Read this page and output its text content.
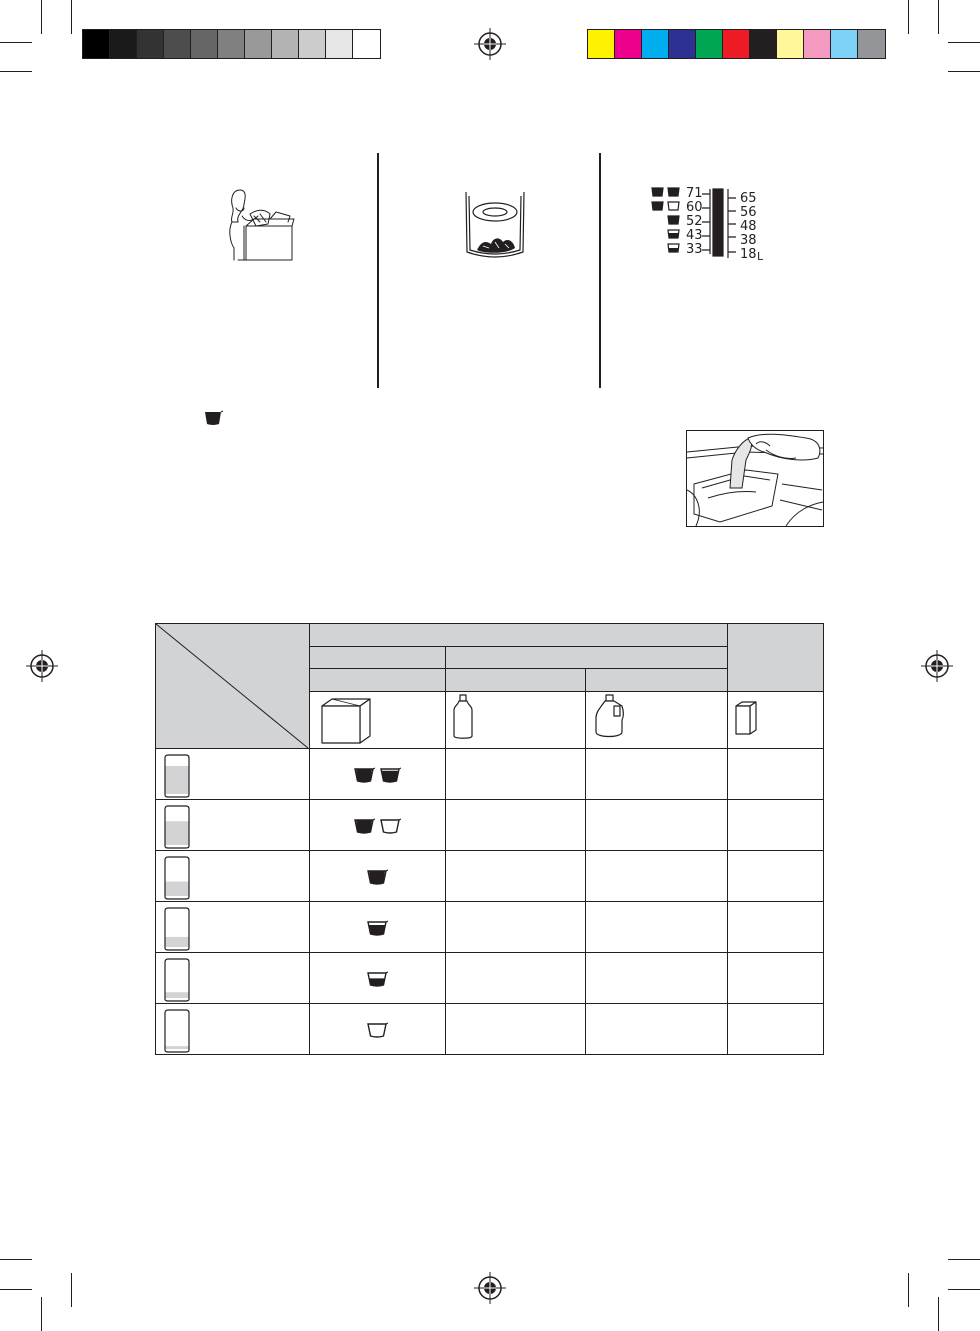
71
60
52
43
33
65
56
48
38
18 L
